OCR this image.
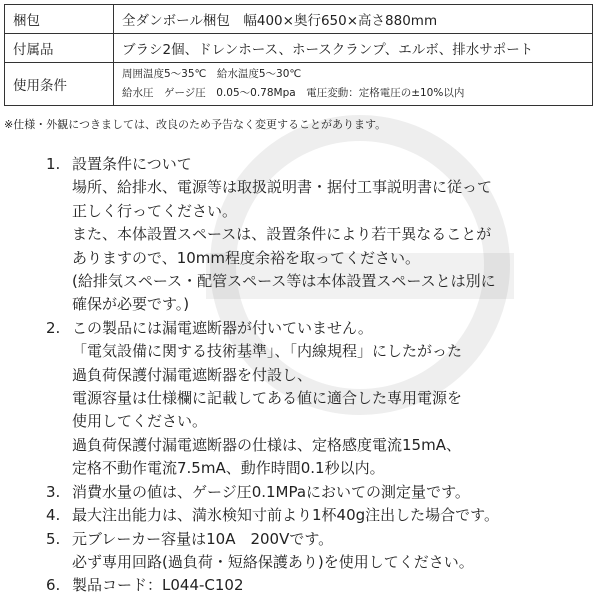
梱包	全ダンボール梱包　幅400×奥行650×高さ880mm
付属品	ブラシ2個、ドレンホース、ホースクランプ、エルボ、排水サポート
使用条件	周囲温度5～35℃　給水温度5～30℃
給水圧　ゲージ圧　0.05～0.78Mpa　電圧変動：定格電圧の±10%以内
※仕様・外観につきましては、改良のため予告なく変更することがあります。
1. 設置条件について

場所、給排水、電源等は取扱説明書・据付工事説明書に従って

正しく行ってください。

また、本体設置スペースは、設置条件により若干異なることが

ありますので、10mm程度余裕を取ってください。

(給排気スペース・配管スペース等は本体設置スペースとは別に

確保が必要です。)

2. この製品には漏電遮断器が付いていません。

「電気設備に関する技術基準」、「内線規程」にしたがった

過負荷保護付漏電遮断器を付設し、

電源容量は仕様欄に記載してある値に適合した専用電源を

使用してください。

過負荷保護付漏電遮断器の仕様は、定格感度電流15mA、

定格不動作電流7.5mA、動作時間0.1秒以内。

3. 消費水量の値は、ゲージ圧0.1MPaにおいての測定量です。

4. 最大注出能力は、満氷検知寸前より1杯40g注出した場合です。

5. 元ブレーカー容量は10A　200Vです。

必ず専用回路(過負荷・短絡保護あり)を使用してください。

6. 製品コード：L044-C102
